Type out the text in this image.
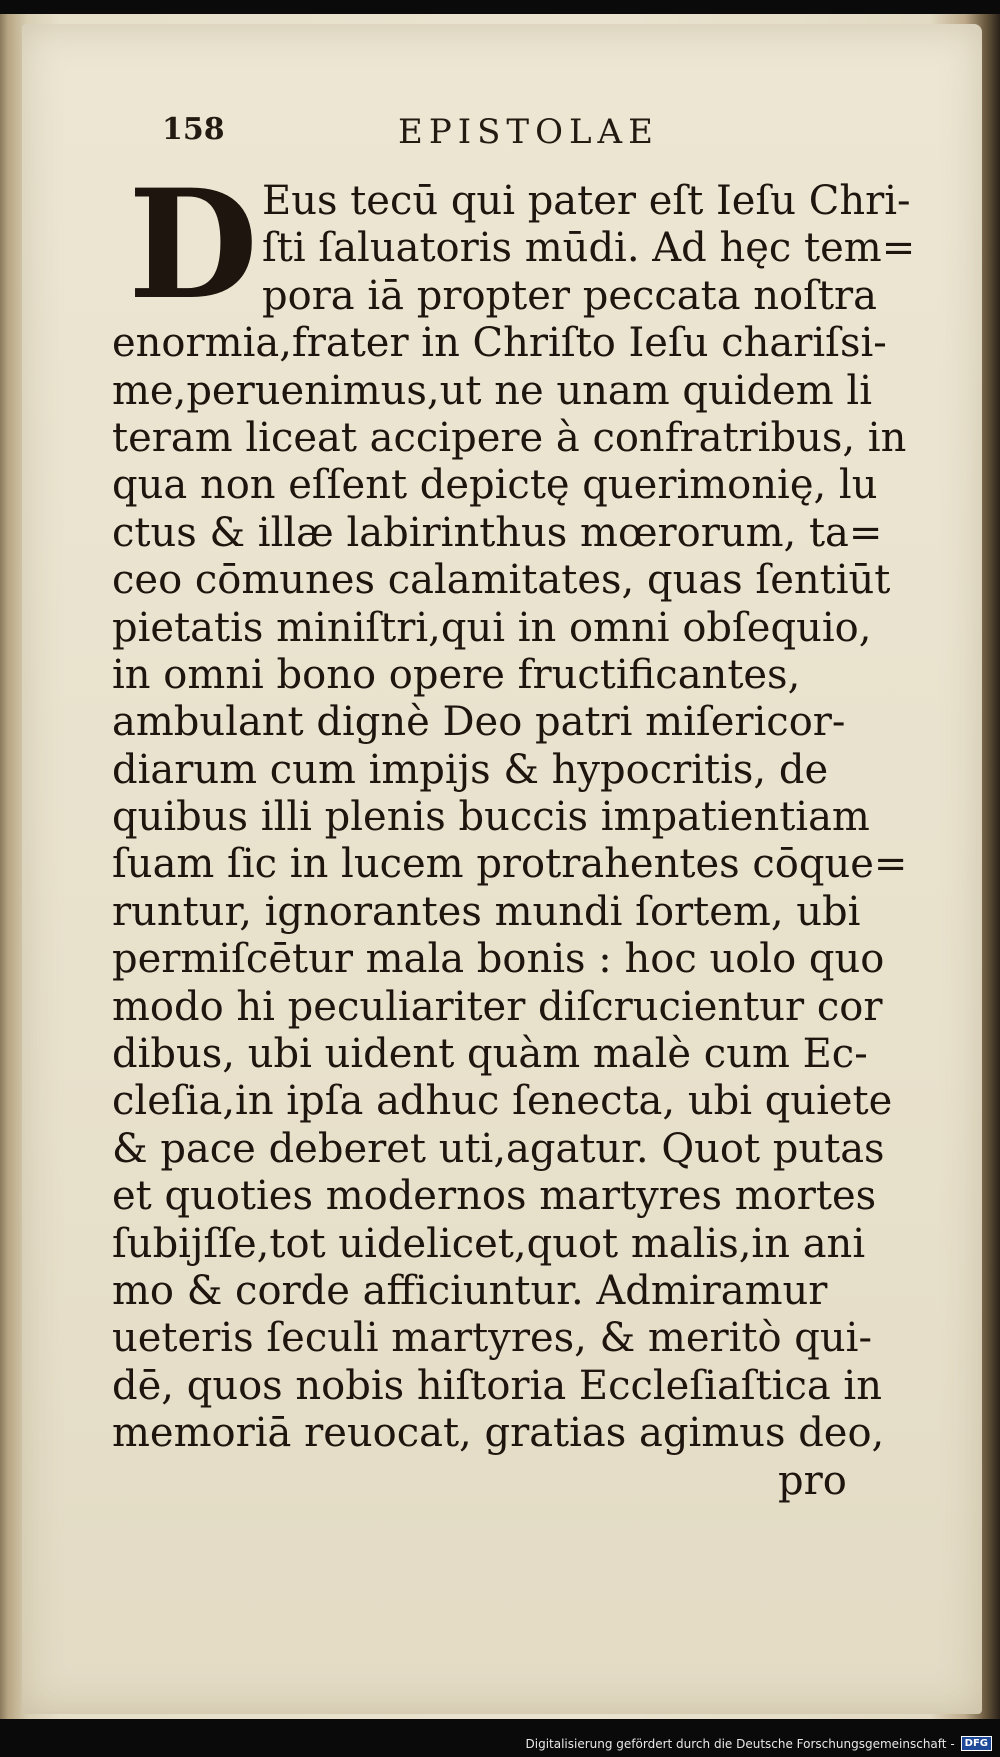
158	EPISTOLAE
D Eus tecū qui pater eſt Ieſu Chri-
ſti ſaluatoris mūdi. Ad hęc tem=
pora iā propter peccata noſtra
enormia,frater in Chriſto Ieſu chariſsi-
me,peruenimus,ut ne unam quidem li
teram liceat accipere à confratribus, in
qua non eſſent depictę querimonię, lu
ctus & illæ labirinthus mœrorum, ta=
ceo cōmunes calamitates, quas ſentiūt
pietatis miniſtri,qui in omni obſequio,
in omni bono opere fructificantes,
ambulant dignè Deo patri miſericor-
diarum cum impijs & hypocritis, de
quibus illi plenis buccis impatientiam
ſuam ſic in lucem protrahentes cōque=
runtur, ignorantes mundi ſortem, ubi
permiſcētur mala bonis : hoc uolo quo
modo hi peculiariter diſcrucientur cor
dibus, ubi uident quàm malè cum Ec-
cleſia,in ipſa adhuc ſenecta, ubi quiete
& pace deberet uti,agatur. Quot putas
et quoties modernos martyres mortes
ſubijſſe,tot uidelicet,quot malis,in ani
mo & corde afficiuntur. Admiramur
ueteris ſeculi martyres, & meritò qui-
dē, quos nobis hiſtoria Eccleſiaſtica in
memoriā reuocat, gratias agimus deo,
pro
Digitalisierung gefördert durch die Deutsche Forschungsgemeinschaft -	DFG
